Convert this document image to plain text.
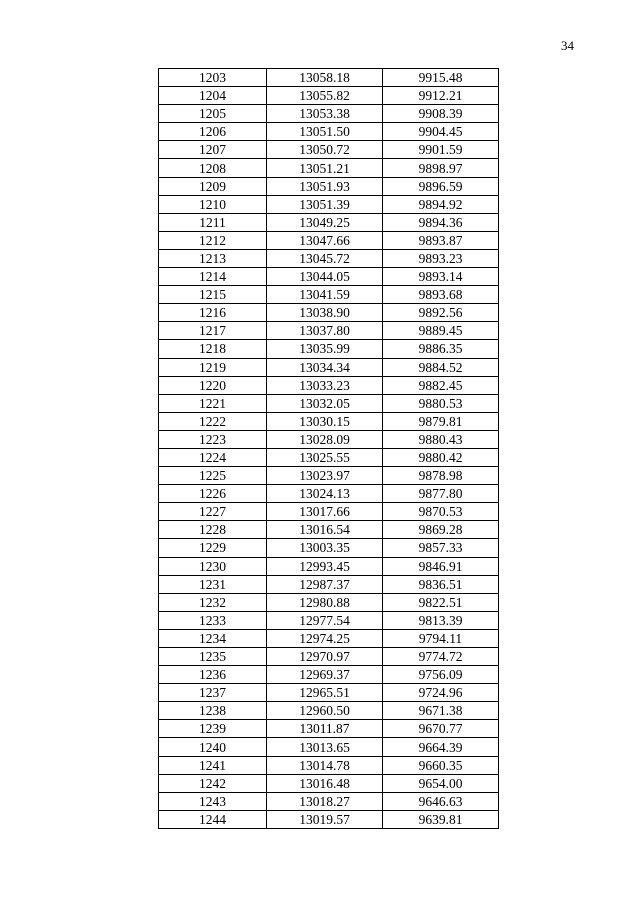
34
1203	13058.18	9915.48
1204	13055.82	9912.21
1205	13053.38	9908.39
1206	13051.50	9904.45
1207	13050.72	9901.59
1208	13051.21	9898.97
1209	13051.93	9896.59
1210	13051.39	9894.92
1211	13049.25	9894.36
1212	13047.66	9893.87
1213	13045.72	9893.23
1214	13044.05	9893.14
1215	13041.59	9893.68
1216	13038.90	9892.56
1217	13037.80	9889.45
1218	13035.99	9886.35
1219	13034.34	9884.52
1220	13033.23	9882.45
1221	13032.05	9880.53
1222	13030.15	9879.81
1223	13028.09	9880.43
1224	13025.55	9880.42
1225	13023.97	9878.98
1226	13024.13	9877.80
1227	13017.66	9870.53
1228	13016.54	9869.28
1229	13003.35	9857.33
1230	12993.45	9846.91
1231	12987.37	9836.51
1232	12980.88	9822.51
1233	12977.54	9813.39
1234	12974.25	9794.11
1235	12970.97	9774.72
1236	12969.37	9756.09
1237	12965.51	9724.96
1238	12960.50	9671.38
1239	13011.87	9670.77
1240	13013.65	9664.39
1241	13014.78	9660.35
1242	13016.48	9654.00
1243	13018.27	9646.63
1244	13019.57	9639.81
